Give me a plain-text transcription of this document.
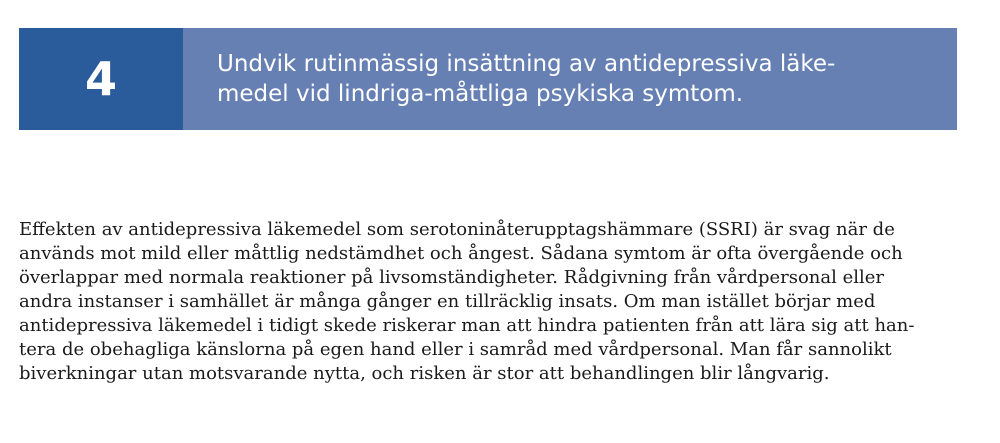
4	Undvik rutinmässig insättning av antidepressiva läke-
medel vid lindriga-måttliga psykiska symtom.
Effekten av antidepressiva läkemedel som serotoninåterupptagshämmare (SSRI) är svag när de
används mot mild eller måttlig nedstämdhet och ångest. Sådana symtom är ofta övergående och
överlappar med normala reaktioner på livsomständigheter. Rådgivning från vårdpersonal eller
andra instanser i samhället är många gånger en tillräcklig insats. Om man istället börjar med
antidepressiva läkemedel i tidigt skede riskerar man att hindra patienten från att lära sig att han-
tera de obehagliga känslorna på egen hand eller i samråd med vårdpersonal. Man får sannolikt
biverkningar utan motsvarande nytta, och risken är stor att behandlingen blir långvarig.
